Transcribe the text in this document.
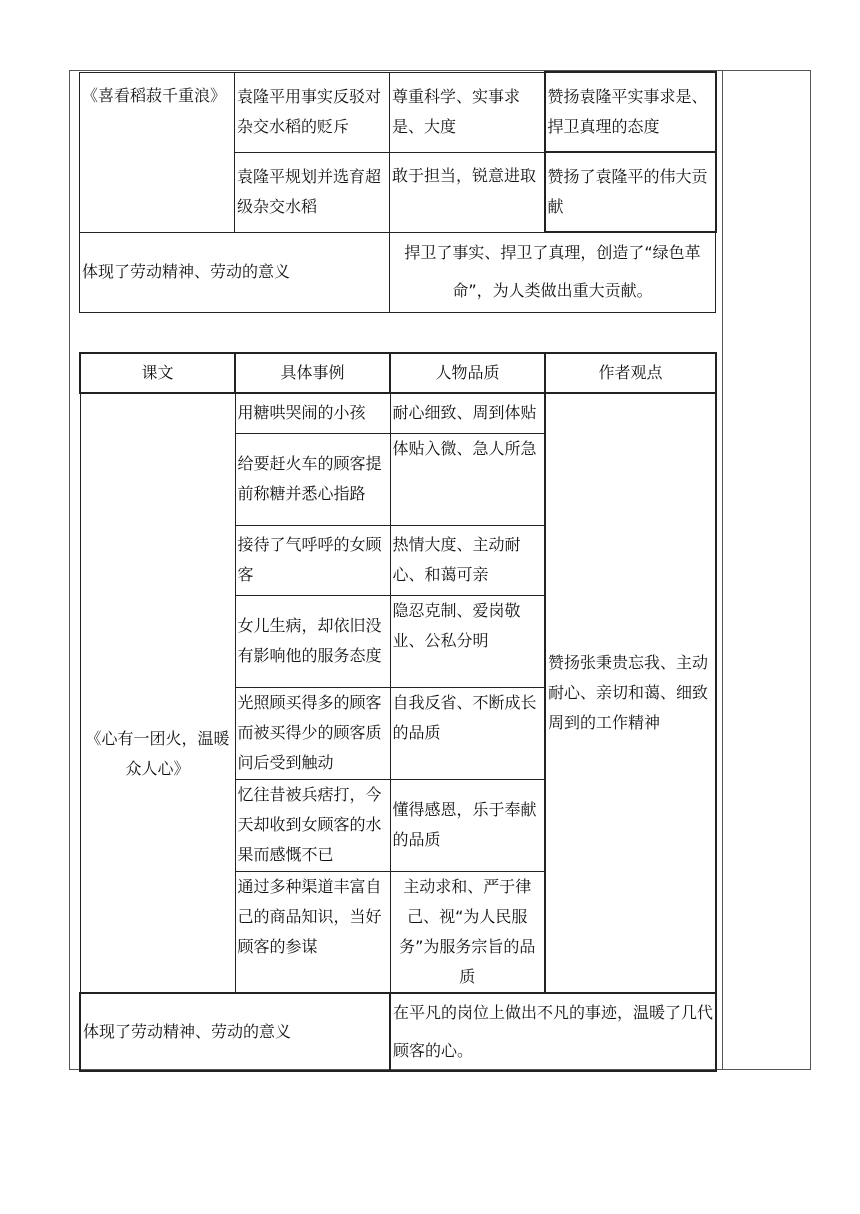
《喜看稻菽千重浪》	袁隆平用事实反驳对杂交水稻的贬斥	尊重科学、实事求是、大度	赞扬袁隆平实事求是、捍卫真理的态度
	袁隆平规划并选育超级杂交水稻	敢于担当，锐意进取	赞扬了袁隆平的伟大贡献
体现了劳动精神、劳动的意义		捍卫了事实、捍卫了真理，创造了“绿色革命”，为人类做出重大贡献。	
课文	具体事例	人物品质	作者观点
《心有一团火，温暖众人心》	用糖哄哭闹的小孩	耐心细致、周到体贴	赞扬张秉贵忘我、主动耐心、亲切和蔼、细致周到的工作精神
	给要赶火车的顾客提前称糖并悉心指路	体贴入微、急人所急	
	接待了气呼呼的女顾客	热情大度、主动耐心、和蔼可亲	
	女儿生病，却依旧没有影响他的服务态度	隐忍克制、爱岗敬业、公私分明	
	光照顾买得多的顾客而被买得少的顾客质问后受到触动	自我反省、不断成长的品质	
	忆往昔被兵痞打，今天却收到女顾客的水果而感慨不已	懂得感恩，乐于奉献的品质	
	通过多种渠道丰富自己的商品知识，当好顾客的参谋	主动求和、严于律己、视“为人民服务”为服务宗旨的品质	
体现了劳动精神、劳动的意义		在平凡的岗位上做出不凡的事迹，温暖了几代顾客的心。	
